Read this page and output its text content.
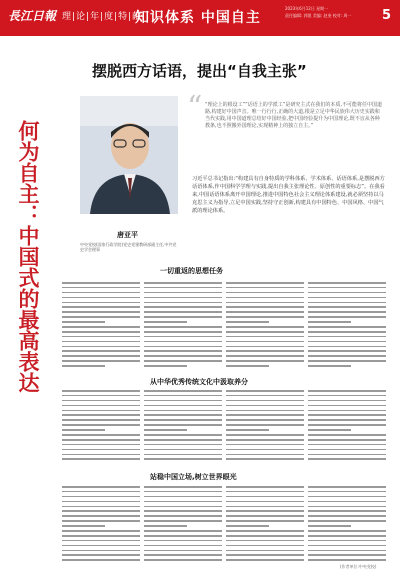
長江日報 理|论|年|度|特|献
知识体系 中国自主
2023年6月12日 星期一
责任编辑: 郭凯 美编: 赵奎 校对: 周一 5
摆脱西方话语，提出“自我主张”
何为自主：中国式的最高表达	唐亚平
中央党校(国家行政学院)党史党建教研部副主任,中共党史学会理事
“ “理论上的根设工””话语上的学派工”是研究主式在我们的本质,不可能将任中国道路,构建好中国声音。唯一行行行,正确的大道,根是立足中华民族伟大历史实践和当代实践,用中国道理总结好中国经验,把中国经验提升为中国理论,既不盲从各种教条,也不照搬外国理论,实现精神上的独立自主。”
习近平总书记指出:“构建具有自身特质的学科体系、学术体系、话语体系,是摆脱西方话语体系,作中国科学学理与实践,提出自我主张理论性、原创性的重要标志”。在我看来,中国话语体系离开中国理论,推进中国特色社会主义理论体系建设,就必须坚持以马克思主义为指导,立足中国实践,坚持守正创新,构建具有中国特色、中国风格、中国气派的理论体系。
一切重返的思想任务
从中华优秀传统文化中汲取养分
站稳中国立场,树立世界眼光
(作者单位:中央党校)
